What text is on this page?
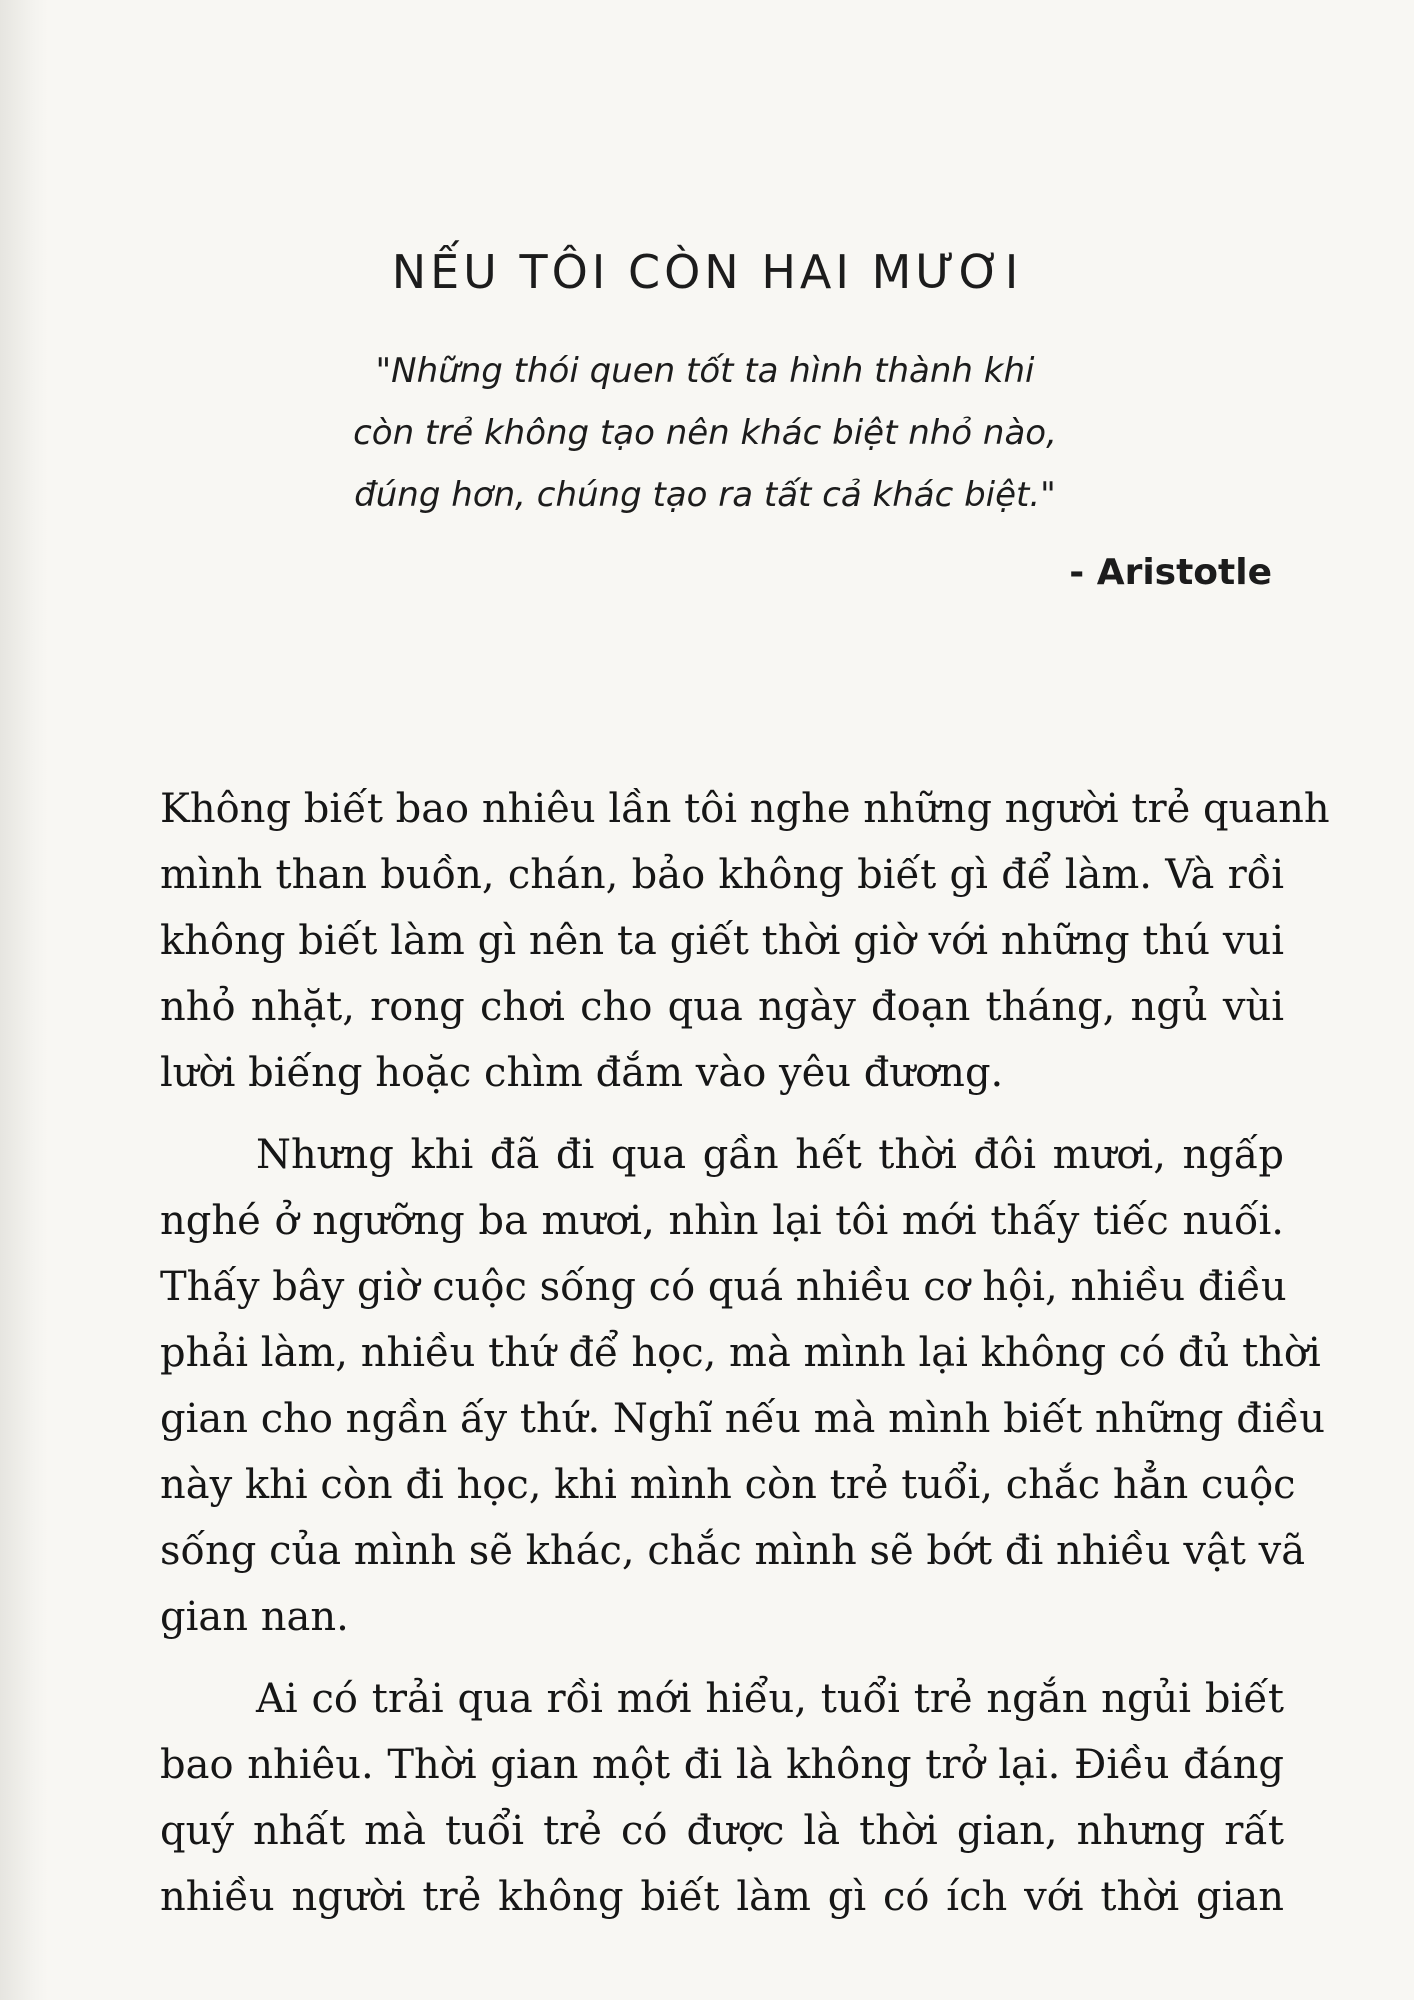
NẾU TÔI CÒN HAI MƯƠI
"Những thói quen tốt ta hình thành khi
còn trẻ không tạo nên khác biệt nhỏ nào,
đúng hơn, chúng tạo ra tất cả khác biệt."
- Aristotle
Không biết bao nhiêu lần tôi nghe những người trẻ quanh
mình than buồn, chán, bảo không biết gì để làm. Và rồi
không biết làm gì nên ta giết thời giờ với những thú vui
nhỏ nhặt, rong chơi cho qua ngày đoạn tháng, ngủ vùi
lười biếng hoặc chìm đắm vào yêu đương.
Nhưng khi đã đi qua gần hết thời đôi mươi, ngấp
nghé ở ngưỡng ba mươi, nhìn lại tôi mới thấy tiếc nuối.
Thấy bây giờ cuộc sống có quá nhiều cơ hội, nhiều điều
phải làm, nhiều thứ để học, mà mình lại không có đủ thời
gian cho ngần ấy thứ. Nghĩ nếu mà mình biết những điều
này khi còn đi học, khi mình còn trẻ tuổi, chắc hẳn cuộc
sống của mình sẽ khác, chắc mình sẽ bớt đi nhiều vật vã
gian nan.
Ai có trải qua rồi mới hiểu, tuổi trẻ ngắn ngủi biết
bao nhiêu. Thời gian một đi là không trở lại. Điều đáng
quý nhất mà tuổi trẻ có được là thời gian, nhưng rất
nhiều người trẻ không biết làm gì có ích với thời gian
